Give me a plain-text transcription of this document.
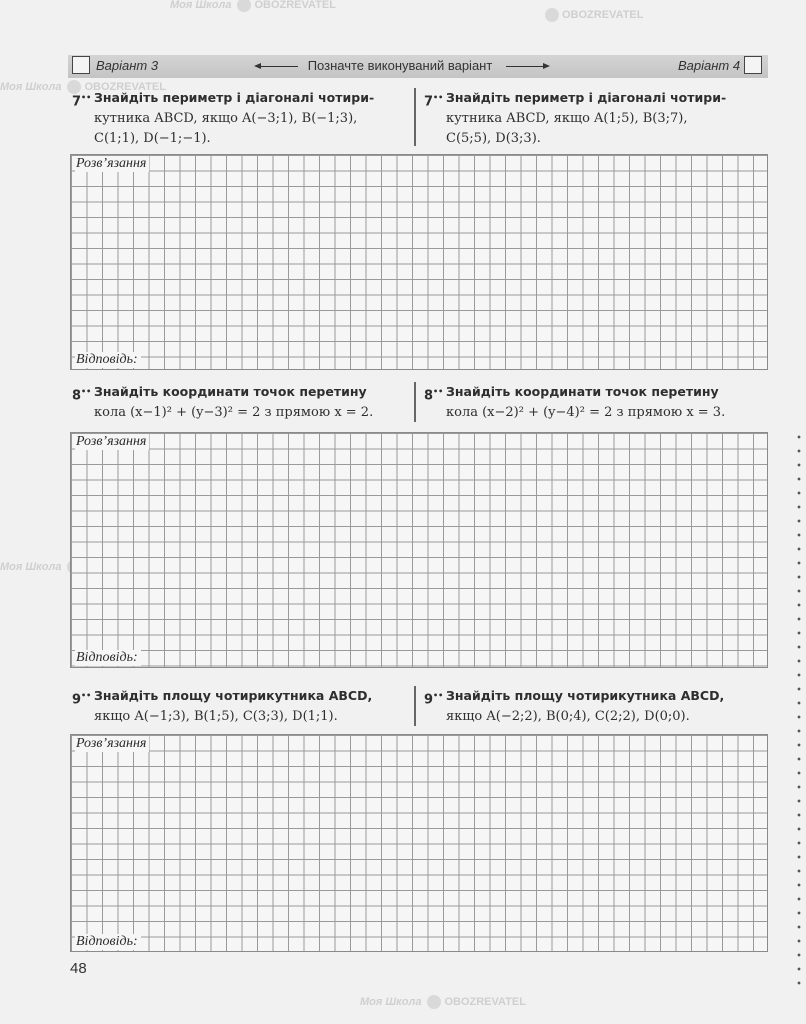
Моя Школа OBOZREVATEL
OBOZREVATEL
Моя Школа OBOZREVATEL
Моя Школа
Моя Школа OBOZREVATEL
Варіант 3	Позначте виконуваний варіант	Варіант 4
7•• Знайдіть периметр і діагоналі чотири-
кутника ABCD, якщо A(−3;1), B(−1;3),
C(1;1), D(−1;−1).
7•• Знайдіть периметр і діагоналі чотири-
кутника ABCD, якщо A(1;5), B(3;7),
C(5;5), D(3;3).
Розв’язання
Відповідь:
8•• Знайдіть координати точок перетину
кола (x−1)² + (y−3)² = 2 з прямою x = 2.
8•• Знайдіть координати точок перетину
кола (x−2)² + (y−4)² = 2 з прямою x = 3.
Розв’язання
Відповідь:
9•• Знайдіть площу чотирикутника ABCD,
якщо A(−1;3), B(1;5), C(3;3), D(1;1).
9•• Знайдіть площу чотирикутника ABCD,
якщо A(−2;2), B(0;4), C(2;2), D(0;0).
Розв’язання
Відповідь:
48
